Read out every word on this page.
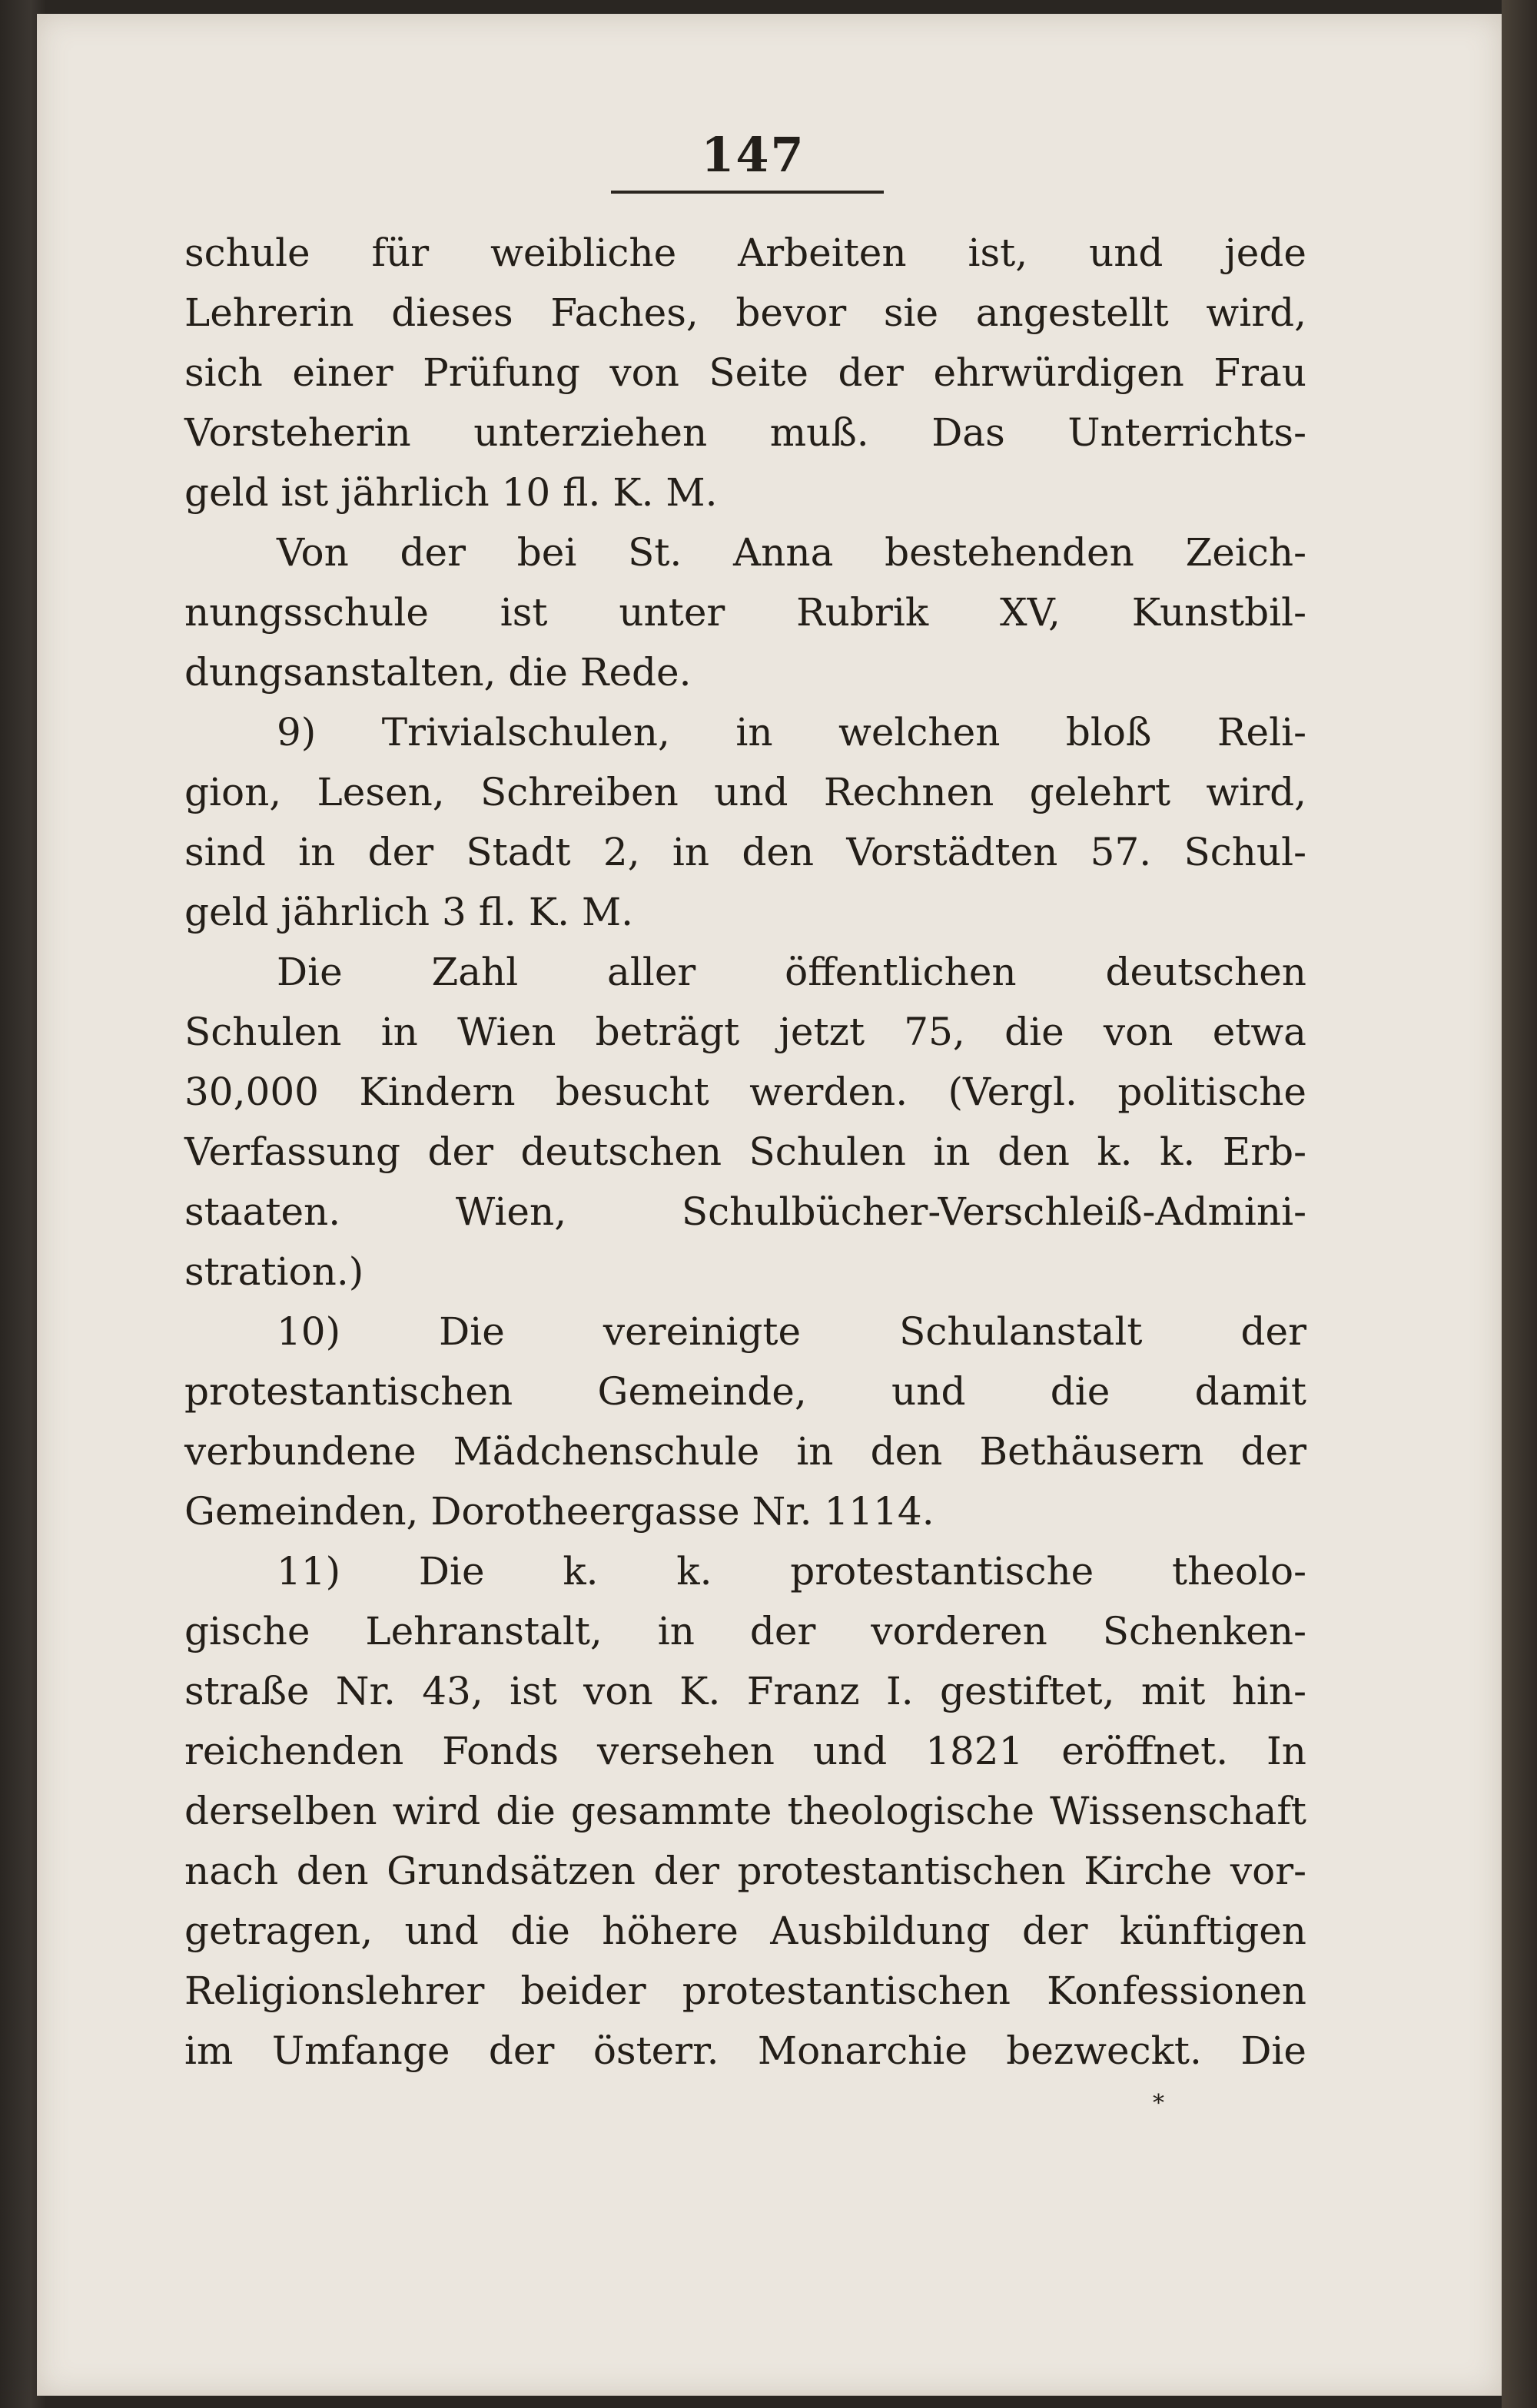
147
schule für weibliche Arbeiten ist, und jede
Lehrerin dieses Faches, bevor sie angestellt wird,
sich einer Prüfung von Seite der ehrwürdigen Frau
Vorsteherin unterziehen muß. Das Unterrichts-
geld ist jährlich 10 fl. K. M.
Von der bei St. Anna bestehenden Zeich-
nungsschule ist unter Rubrik XV, Kunstbil-
dungsanstalten, die Rede.
9) Trivialschulen, in welchen bloß Reli-
gion, Lesen, Schreiben und Rechnen gelehrt wird,
sind in der Stadt 2, in den Vorstädten 57. Schul-
geld jährlich 3 fl. K. M.
Die Zahl aller öffentlichen deutschen
Schulen in Wien beträgt jetzt 75, die von etwa
30,000 Kindern besucht werden. (Vergl. politische
Verfassung der deutschen Schulen in den k. k. Erb-
staaten. Wien, Schulbücher-Verschleiß-Admini-
stration.)
10) Die vereinigte Schulanstalt der
protestantischen Gemeinde, und die damit
verbundene Mädchenschule in den Bethäusern der
Gemeinden, Dorotheergasse Nr. 1114.
11) Die k. k. protestantische theolo-
gische Lehranstalt, in der vorderen Schenken-
straße Nr. 43, ist von K. Franz I. gestiftet, mit hin-
reichenden Fonds versehen und 1821 eröffnet. In
derselben wird die gesammte theologische Wissenschaft
nach den Grundsätzen der protestantischen Kirche vor-
getragen, und die höhere Ausbildung der künftigen
Religionslehrer beider protestantischen Konfessionen
im Umfange der österr. Monarchie bezweckt. Die
*
